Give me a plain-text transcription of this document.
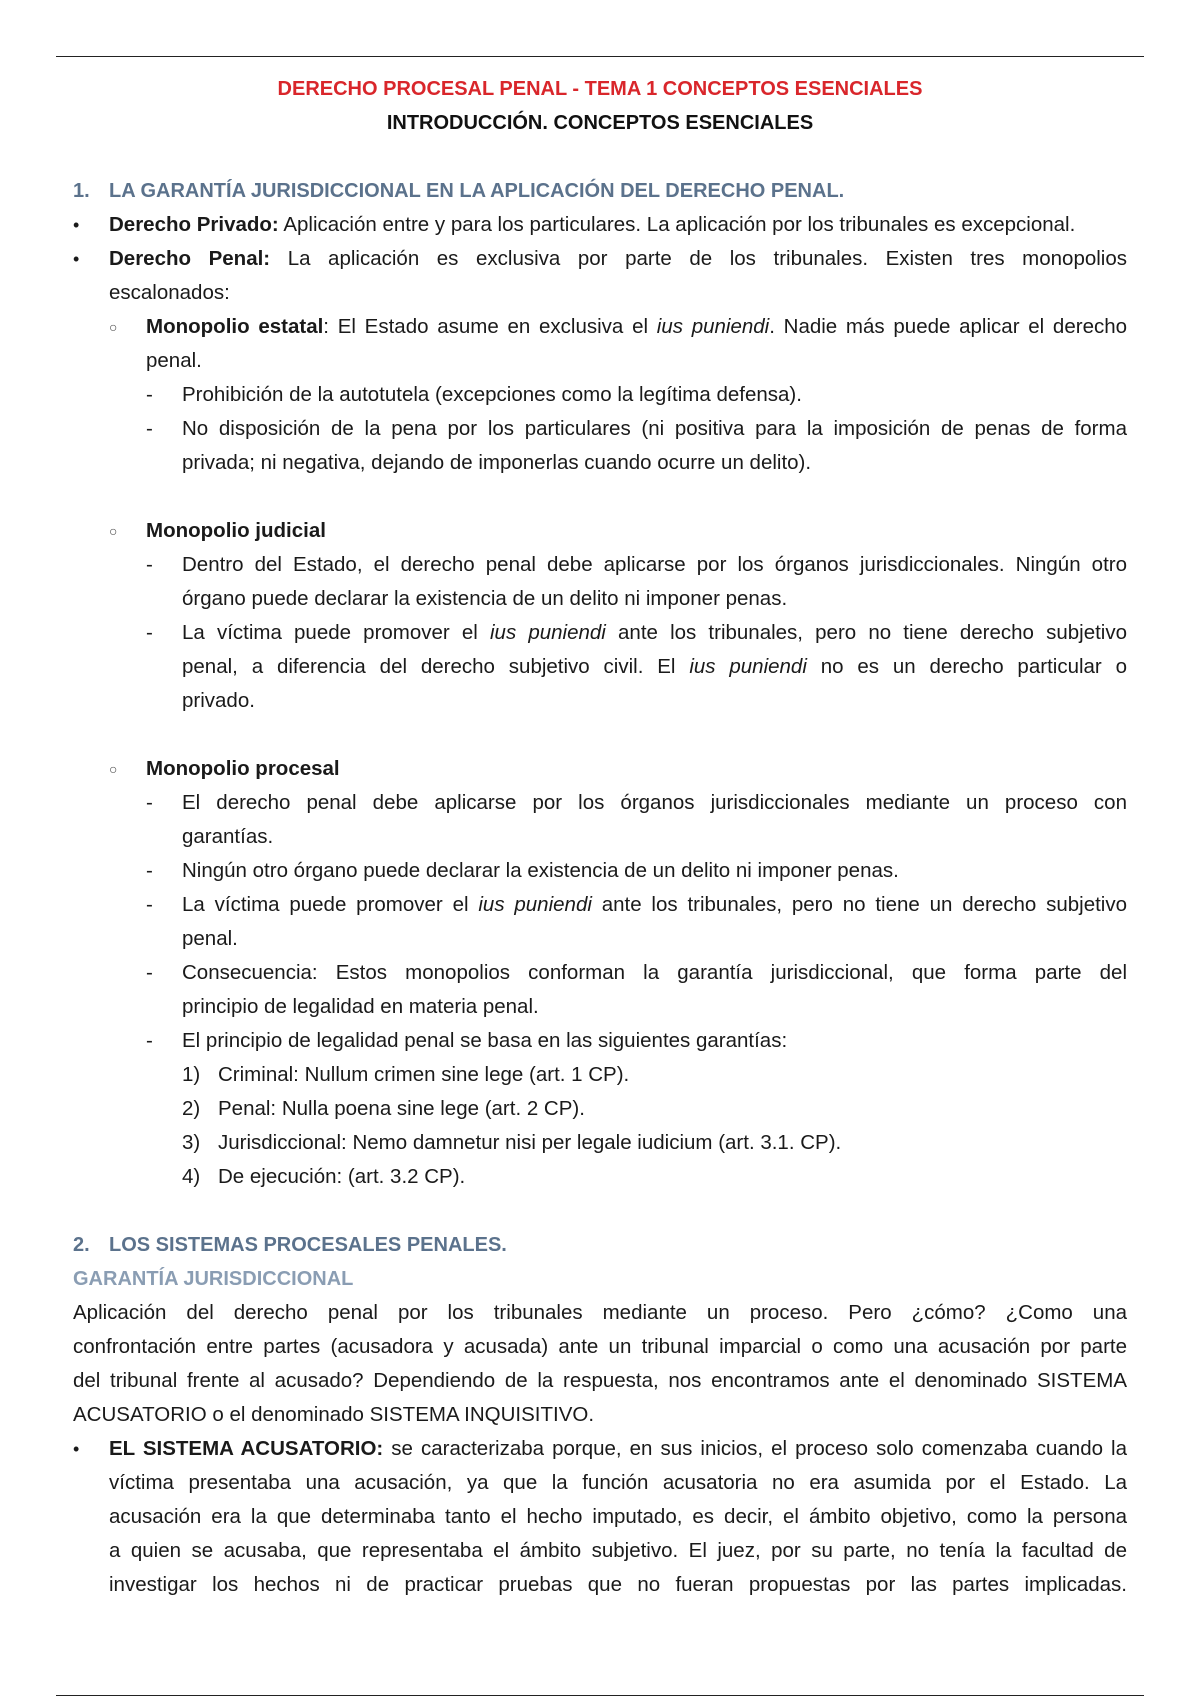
DERECHO PROCESAL PENAL - TEMA 1 CONCEPTOS ESENCIALES
INTRODUCCIÓN. CONCEPTOS ESENCIALES
1. LA GARANTÍA JURISDICCIONAL EN LA APLICACIÓN DEL DERECHO PENAL.
• Derecho Privado: Aplicación entre y para los particulares. La aplicación por los tribunales es excepcional.
• Derecho Penal: La aplicación es exclusiva por parte de los tribunales. Existen tres monopolios
escalonados:
○ Monopolio estatal: El Estado asume en exclusiva el ius puniendi. Nadie más puede aplicar el derecho
penal.
- Prohibición de la autotutela (excepciones como la legítima defensa).
- No disposición de la pena por los particulares (ni positiva para la imposición de penas de forma
privada; ni negativa, dejando de imponerlas cuando ocurre un delito).
○ Monopolio judicial
- Dentro del Estado, el derecho penal debe aplicarse por los órganos jurisdiccionales. Ningún otro
órgano puede declarar la existencia de un delito ni imponer penas.
- La víctima puede promover el ius puniendi ante los tribunales, pero no tiene derecho subjetivo
penal, a diferencia del derecho subjetivo civil. El ius puniendi no es un derecho particular o
privado.
○ Monopolio procesal
- El derecho penal debe aplicarse por los órganos jurisdiccionales mediante un proceso con
garantías.
- Ningún otro órgano puede declarar la existencia de un delito ni imponer penas.
- La víctima puede promover el ius puniendi ante los tribunales, pero no tiene un derecho subjetivo
penal.
- Consecuencia: Estos monopolios conforman la garantía jurisdiccional, que forma parte del
principio de legalidad en materia penal.
- El principio de legalidad penal se basa en las siguientes garantías:
1) Criminal: Nullum crimen sine lege (art. 1 CP).
2) Penal: Nulla poena sine lege (art. 2 CP).
3) Jurisdiccional: Nemo damnetur nisi per legale iudicium (art. 3.1. CP).
4) De ejecución: (art. 3.2 CP).
2. LOS SISTEMAS PROCESALES PENALES.
GARANTÍA JURISDICCIONAL
Aplicación del derecho penal por los tribunales mediante un proceso. Pero ¿cómo? ¿Como una
confrontación entre partes (acusadora y acusada) ante un tribunal imparcial o como una acusación por parte
del tribunal frente al acusado? Dependiendo de la respuesta, nos encontramos ante el denominado SISTEMA
ACUSATORIO o el denominado SISTEMA INQUISITIVO.
• EL SISTEMA ACUSATORIO: se caracterizaba porque, en sus inicios, el proceso solo comenzaba cuando la
víctima presentaba una acusación, ya que la función acusatoria no era asumida por el Estado. La
acusación era la que determinaba tanto el hecho imputado, es decir, el ámbito objetivo, como la persona
a quien se acusaba, que representaba el ámbito subjetivo. El juez, por su parte, no tenía la facultad de
investigar los hechos ni de practicar pruebas que no fueran propuestas por las partes implicadas.
